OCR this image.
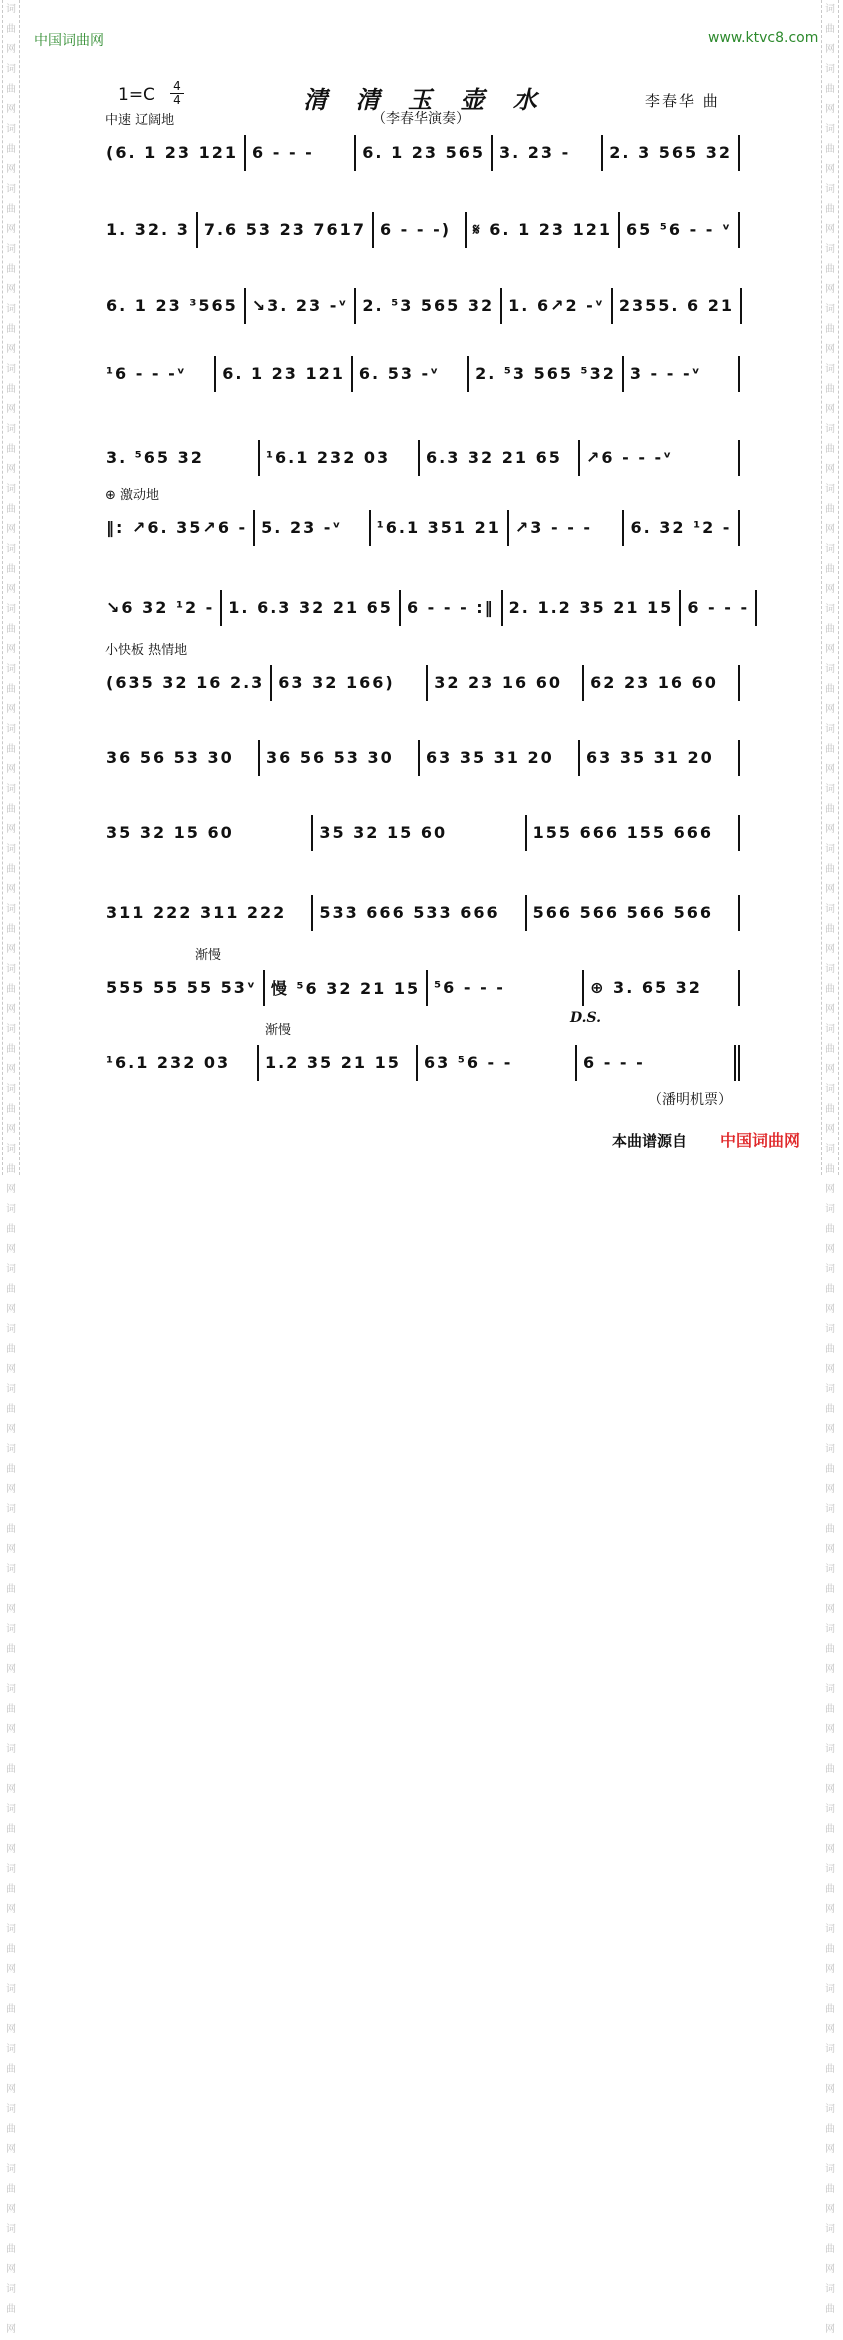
词曲网词曲网词曲网词曲网词曲网词曲网词曲网词曲网词曲网词曲网词曲网词曲网词曲网词曲网词曲网词曲网词曲网词曲网词曲网词曲网词曲网词曲网词曲网词曲网词曲网词曲网词曲网词曲网词曲网词曲网词曲网词曲网词曲网词曲网词曲网词曲网词曲网词曲网词曲网
词曲网词曲网词曲网词曲网词曲网词曲网词曲网词曲网词曲网词曲网词曲网词曲网词曲网词曲网词曲网词曲网词曲网词曲网词曲网词曲网词曲网词曲网词曲网词曲网词曲网词曲网词曲网词曲网词曲网词曲网词曲网词曲网词曲网词曲网词曲网词曲网词曲网词曲网词曲网
中国词曲网	www.ktvc8.com
1=C 4
4	清 清 玉 壶 水	李春华 曲
（李春华演奏）
中速 辽阔地
(6. 1 23 121 6 - - -	6. 1 23 565 3. 23 - 2. 3 565 32
1. 32. 3 7.6 53 23 7617 6 - - -) 𝄋 6. 1 23 121 65 ⁵6 - - ᵛ
6. 1 23 ³565 ↘3. 23 -ᵛ 2. ⁵3 565 32 1. 6↗2 -ᵛ 2355. 6 21
¹6 - - -ᵛ 6. 1 23 121 6. 53 -ᵛ 2. ⁵3 565 ⁵32 3 - - -ᵛ
3. ⁵65 32	¹6.1 232 03 6.3 32 21 65 ↗6 - - -ᵛ
⊕ 激动地
‖: ↗6. 35↗6 - 5. 23 -ᵛ ¹6.1 351 21 ↗3 - - - 6. 32 ¹2 -
↘6 32 ¹2 - 1. 6.3 32 21 65 6 - - - :‖ 2. 1.2 35 21 15 6 - - -
小快板 热情地
(635 32 16 2.3 63 32 166) 32 23 16 60 62 23 16 60
36 56 53 30 36 56 53 30 63 35 31 20 63 35 31 20
35 32 15 60	35 32 15 60	155 666 155 666
311 222 311 222 533 666 533 666 566 566 566 566
渐慢
555 55 55 53ᵛ 慢 ⁵6 32 21 15 ⁵6 - - -	⊕ 3. 65 32
D.S.
渐慢
¹6.1 232 03 1.2 35 21 15 63 ⁵6 - -	6 - - -
（潘明机票）
本曲谱源自 中国词曲网
